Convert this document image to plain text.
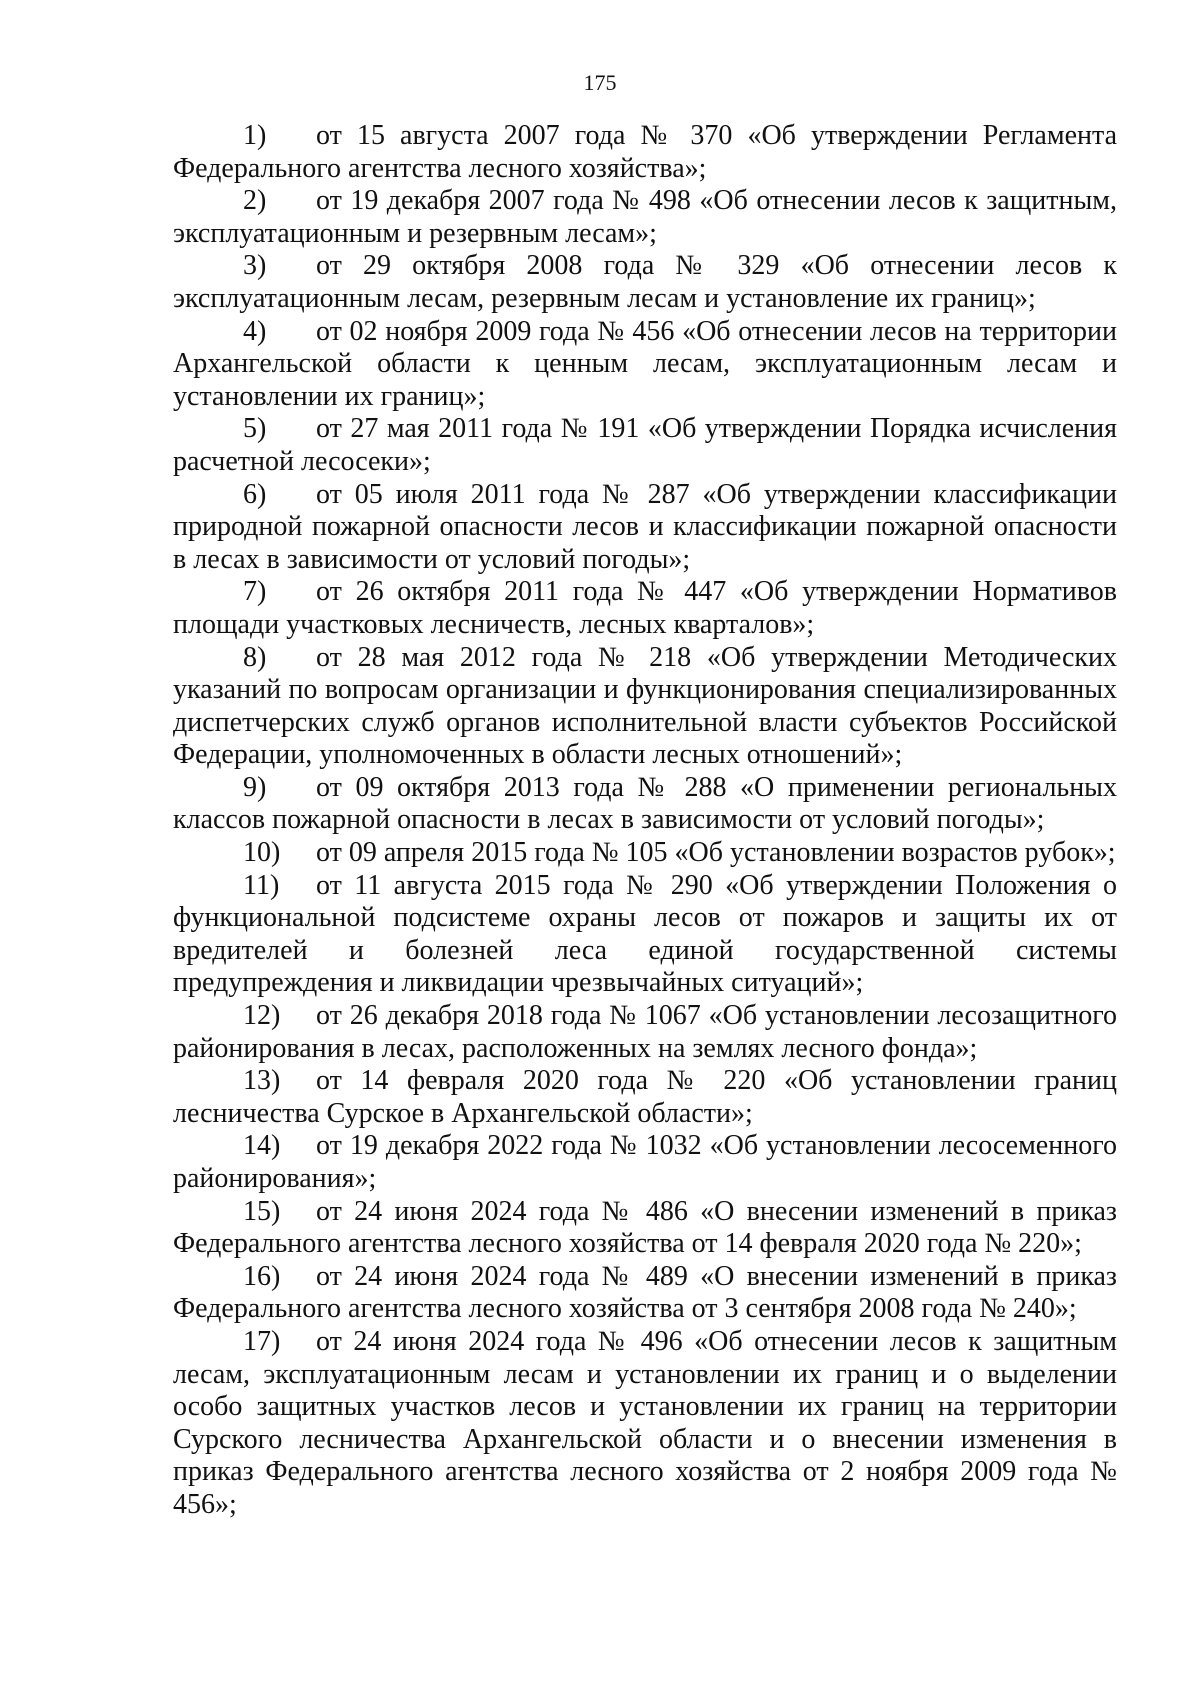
175

1) от 15 августа 2007 года № 370 «Об утверждении Регламента Федерального агентства лесного хозяйства»;

2) от 19 декабря 2007 года № 498 «Об отнесении лесов к защитным, эксплуатационным и резервным лесам»;

3) от 29 октября 2008 года № 329 «Об отнесении лесов к эксплуатационным лесам, резервным лесам и установление их границ»;

4) от 02 ноября 2009 года № 456 «Об отнесении лесов на территории Архангельской области к ценным лесам, эксплуатационным лесам и установлении их границ»;

5) от 27 мая 2011 года № 191 «Об утверждении Порядка исчисления расчетной лесосеки»;

6) от 05 июля 2011 года № 287 «Об утверждении классификации природной пожарной опасности лесов и классификации пожарной опасности в лесах в зависимости от условий погоды»;

7) от 26 октября 2011 года № 447 «Об утверждении Нормативов площади участковых лесничеств, лесных кварталов»;

8) от 28 мая 2012 года № 218 «Об утверждении Методических указаний по вопросам организации и функционирования специализированных диспетчерских служб органов исполнительной власти субъектов Российской Федерации, уполномоченных в области лесных отношений»;

9) от 09 октября 2013 года № 288 «О применении региональных классов пожарной опасности в лесах в зависимости от условий погоды»;

10) от 09 апреля 2015 года № 105 «Об установлении возрастов рубок»;

11) от 11 августа 2015 года № 290 «Об утверждении Положения о функциональной подсистеме охраны лесов от пожаров и защиты их от вредителей и болезней леса единой государственной системы предупреждения и ликвидации чрезвычайных ситуаций»;

12) от 26 декабря 2018 года № 1067 «Об установлении лесозащитного районирования в лесах, расположенных на землях лесного фонда»;

13) от 14 февраля 2020 года № 220 «Об установлении границ лесничества Сурское в Архангельской области»;

14) от 19 декабря 2022 года № 1032 «Об установлении лесосеменного районирования»;

15) от 24 июня 2024 года № 486 «О внесении изменений в приказ Федерального агентства лесного хозяйства от 14 февраля 2020 года № 220»;

16) от 24 июня 2024 года № 489 «О внесении изменений в приказ Федерального агентства лесного хозяйства от 3 сентября 2008 года № 240»;

17) от 24 июня 2024 года № 496 «Об отнесении лесов к защитным лесам, эксплуатационным лесам и установлении их границ и о выделении особо защитных участков лесов и установлении их границ на территории Сурского лесничества Архангельской области и о внесении изменения в приказ Федерального агентства лесного хозяйства от 2 ноября 2009 года № 456»;
